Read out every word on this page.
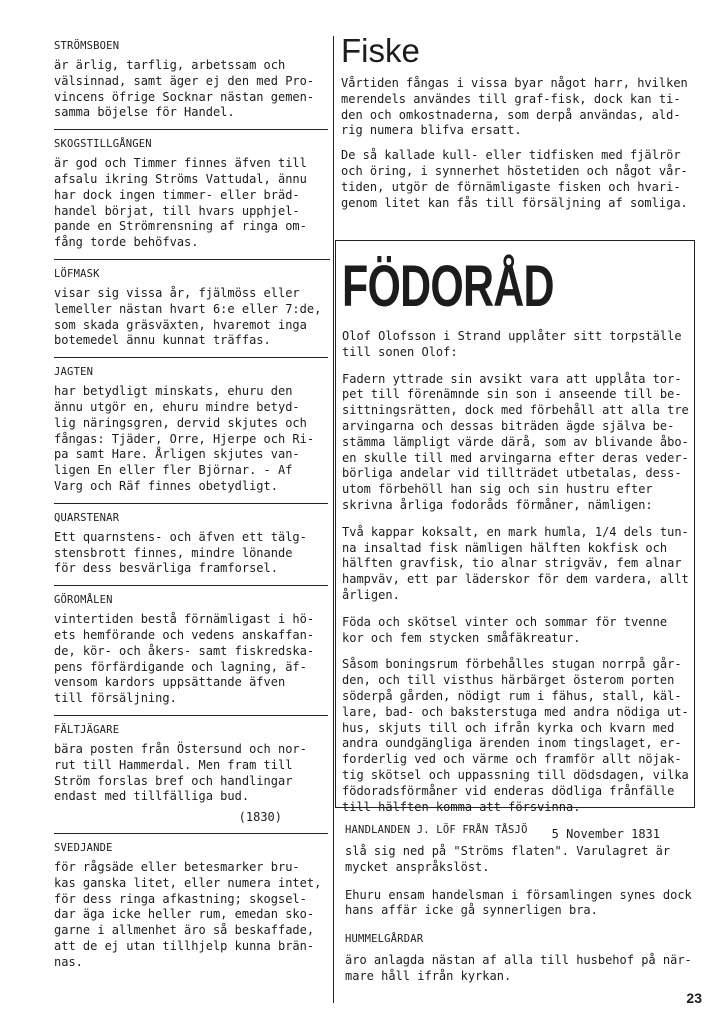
STRÖMSBOEN
är ärlig, tarflig, arbetssam och
välsinnad, samt äger ej den med Pro-
vincens öfrige Socknar nästan gemen-
samma böjelse för Handel.
SKOGSTILLGÅNGEN
är god och Timmer finnes äfven till
afsalu ikring Ströms Vattudal, ännu
har dock ingen timmer- eller bräd-
handel börjat, till hvars upphjel-
pande en Strömrensning af ringa om-
fång torde behöfvas.
LÖFMASK
visar sig vissa år, fjälmöss eller
lemeller nästan hvart 6:e eller 7:de,
som skada gräsväxten, hvaremot inga
botemedel ännu kunnat träffas.
JAGTEN
har betydligt minskats, ehuru den
ännu utgör en, ehuru mindre betyd-
lig näringsgren, dervid skjutes och
fångas: Tjäder, Orre, Hjerpe och Ri-
pa samt Hare. Årligen skjutes van-
ligen En eller fler Björnar. - Af
Varg och Räf finnes obetydligt.
QUARSTENAR
Ett quarnstens- och äfven ett tälg-
stensbrott finnes, mindre lönande
för dess besvärliga framforsel.
GÖROMÅLEN
vintertiden bestå förnämligast i hö-
ets hemförande och vedens anskaffan-
de, kör- och åkers- samt fiskredska-
pens förfärdigande och lagning, äf-
vensom kardors uppsättande äfven
till försäljning.
FÄLTJÄGARE
bära posten från Östersund och nor-
rut till Hammerdal. Men fram till
Ström forslas bref och handlingar
endast med tillfälliga bud.
(1830)
SVEDJANDE
för rågsäde eller betesmarker bru-
kas ganska litet, eller numera intet,
för dess ringa afkastning; skogsel-
dar äga icke heller rum, emedan sko-
garne i allmenhet äro så beskaffade,
att de ej utan tillhjelp kunna brän-
nas.
Fiske
Vårtiden fångas i vissa byar något harr, hvilken
merendels användes till graf-fisk, dock kan ti-
den och omkostnaderna, som derpå användas, ald-
rig numera blifva ersatt.
De så kallade kull- eller tidfisken med fjälrör
och öring, i synnerhet höstetiden och något vår-
tiden, utgör de förnämligaste fisken och hvari-
genom litet kan fås till försäljning af somliga.
FÖDORÅD
Olof Olofsson i Strand upplåter sitt torpställe
till sonen Olof:
Fadern yttrade sin avsikt vara att upplåta tor-
pet till förenämnde sin son i anseende till be-
sittningsrätten, dock med förbehåll att alla tre
arvingarna och dessas biträden ägde själva be-
stämma lämpligt värde därå, som av blivande åbo-
en skulle till med arvingarna efter deras veder-
börliga andelar vid tillträdet utbetalas, dess-
utom förbehöll han sig och sin hustru efter
skrivna årliga fodoråds förmåner, nämligen:
Två kappar koksalt, en mark humla, 1/4 dels tun-
na insaltad fisk nämligen hälften kokfisk och
hälften gravfisk, tio alnar strigväv, fem alnar
hampväv, ett par läderskor för dem vardera, allt
årligen.
Föda och skötsel vinter och sommar för tvenne
kor och fem stycken småfäkreatur.
Såsom boningsrum förbehålles stugan norrpå går-
den, och till visthus härbärget österom porten
söderpå gården, nödigt rum i fähus, stall, käl-
lare, bad- och baksterstuga med andra nödiga ut-
hus, skjuts till och ifrån kyrka och kvarn med
andra oundgängliga ärenden inom tingslaget, er-
forderlig ved och värme och framför allt nöjak-
tig skötsel och uppassning till dödsdagen, vilka
födoradsförmåner vid enderas dödliga frånfälle
till hälften komma att försvinna.
5 November 1831
HANDLANDEN J. LÖF FRÅN TÅSJÖ
slå sig ned på "Ströms flaten". Varulagret är
mycket anspråkslöst.
Ehuru ensam handelsman i församlingen synes dock
hans affär icke gå synnerligen bra.
HUMMELGÅRDAR
äro anlagda nästan af alla till husbehof på när-
mare håll ifrån kyrkan.
23
